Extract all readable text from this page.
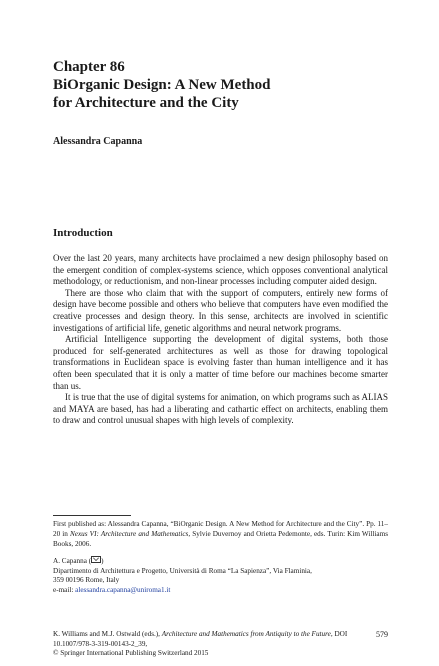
Chapter 86
BiOrganic Design: A New Method
for Architecture and the City
Alessandra Capanna
Introduction

Over the last 20 years, many architects have proclaimed a new design philosophy based on the emergent condition of complex-systems science, which opposes conventional analytical methodology, or reductionism, and non-linear processes including computer aided design.

There are those who claim that with the support of computers, entirely new forms of design have become possible and others who believe that computers have even modified the creative processes and design theory. In this sense, architects are involved in scientific investigations of artificial life, genetic algorithms and neural network programs.

Artificial Intelligence supporting the development of digital systems, both those produced for self-generated architectures as well as those for drawing topological transformations in Euclidean space is evolving faster than human intelligence and it has often been speculated that it is only a matter of time before our machines become smarter than us.

It is true that the use of digital systems for animation, on which programs such as ALIAS and MAYA are based, has had a liberating and cathartic effect on architects, enabling them to draw and control unusual shapes with high levels of complexity.

First published as: Alessandra Capanna, “BiOrganic Design. A New Method for Architecture and the City”. Pp. 11–20 in Nexus VI: Architecture and Mathematics, Sylvie Duvernoy and Orietta Pedemonte, eds. Turin: Kim Williams Books, 2006.

A. Capanna ( )

Dipartimento di Architettura e Progetto, Università di Roma “La Sapienza”, Via Flaminia,

359 00196 Rome, Italy

e-mail: alessandra.capanna@uniroma1.it

K. Williams and M.J. Ostwald (eds.), Architecture and Mathematics from Antiquity to the Future, DOI 10.1007/978-3-319-00143-2_39,

© Springer International Publishing Switzerland 2015

579
